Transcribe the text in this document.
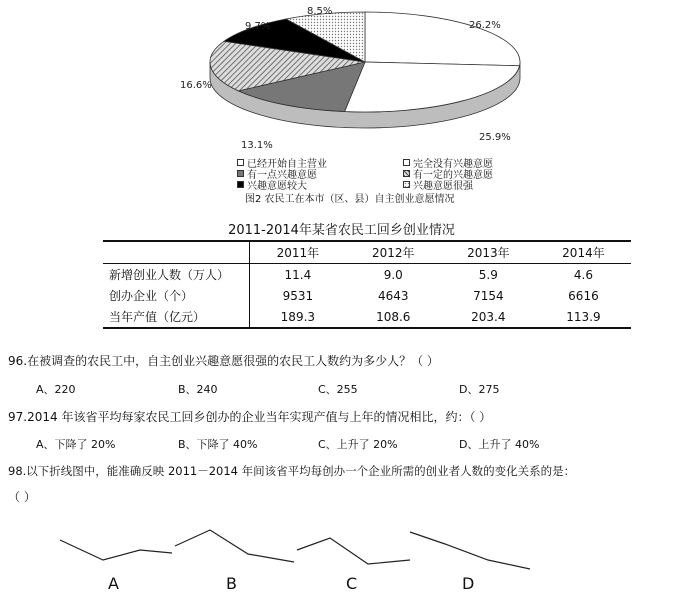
26.2%
25.9%
13.1%
16.6%
9.7%
8.5%
已经开始自主营业	完全没有兴趣意愿
有一点兴趣意愿	有一定的兴趣意愿
兴趣意愿较大	兴趣意愿很强
图2 农民工在本市（区、县）自主创业意愿情况
2011-2014年某省农民工回乡创业情况
	2011年	2012年	2013年	2014年
新增创业人数（万人）	11.4	9.0	5.9	4.6
创办企业（个）	9531	4643	7154	6616
当年产值（亿元）	189.3	108.6	203.4	113.9
96.在被调查的农民工中，自主创业兴趣意愿很强的农民工人数约为多少人？（ ）
A、220	B、240	C、255	D、275
97.2014 年该省平均每家农民工回乡创办的企业当年实现产值与上年的情况相比，约：（ ）
A、下降了 20%	B、下降了 40%	C、上升了 20%	D、上升了 40%
98.以下折线图中，能准确反映 2011－2014 年间该省平均每创办一个企业所需的创业者人数的变化关系的是：
（ ）
A	B	C	D
